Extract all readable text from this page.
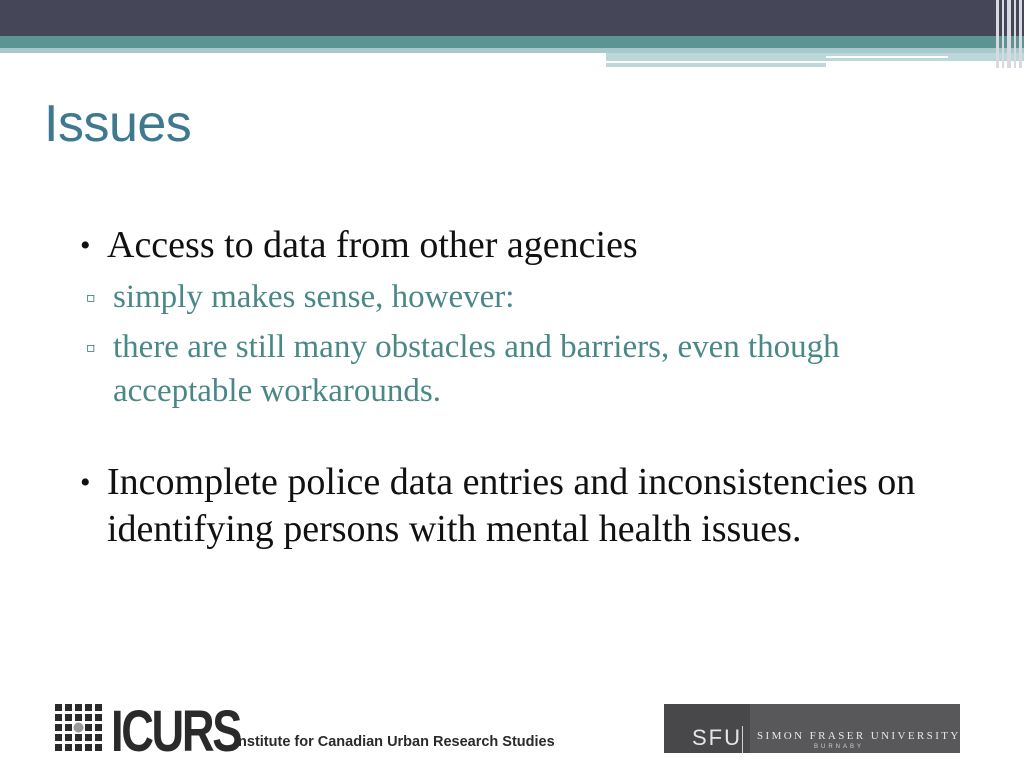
Issues
• Access to data from other agencies
▫ simply makes sense, however:
▫ there are still many obstacles and barriers, even though acceptable workarounds.
• Incomplete police data entries and inconsistencies on identifying persons with mental health issues.
ICURS
Institute for Canadian Urban Research Studies	SFU SIMON FRASER UNIVERSITY
BURNABY
